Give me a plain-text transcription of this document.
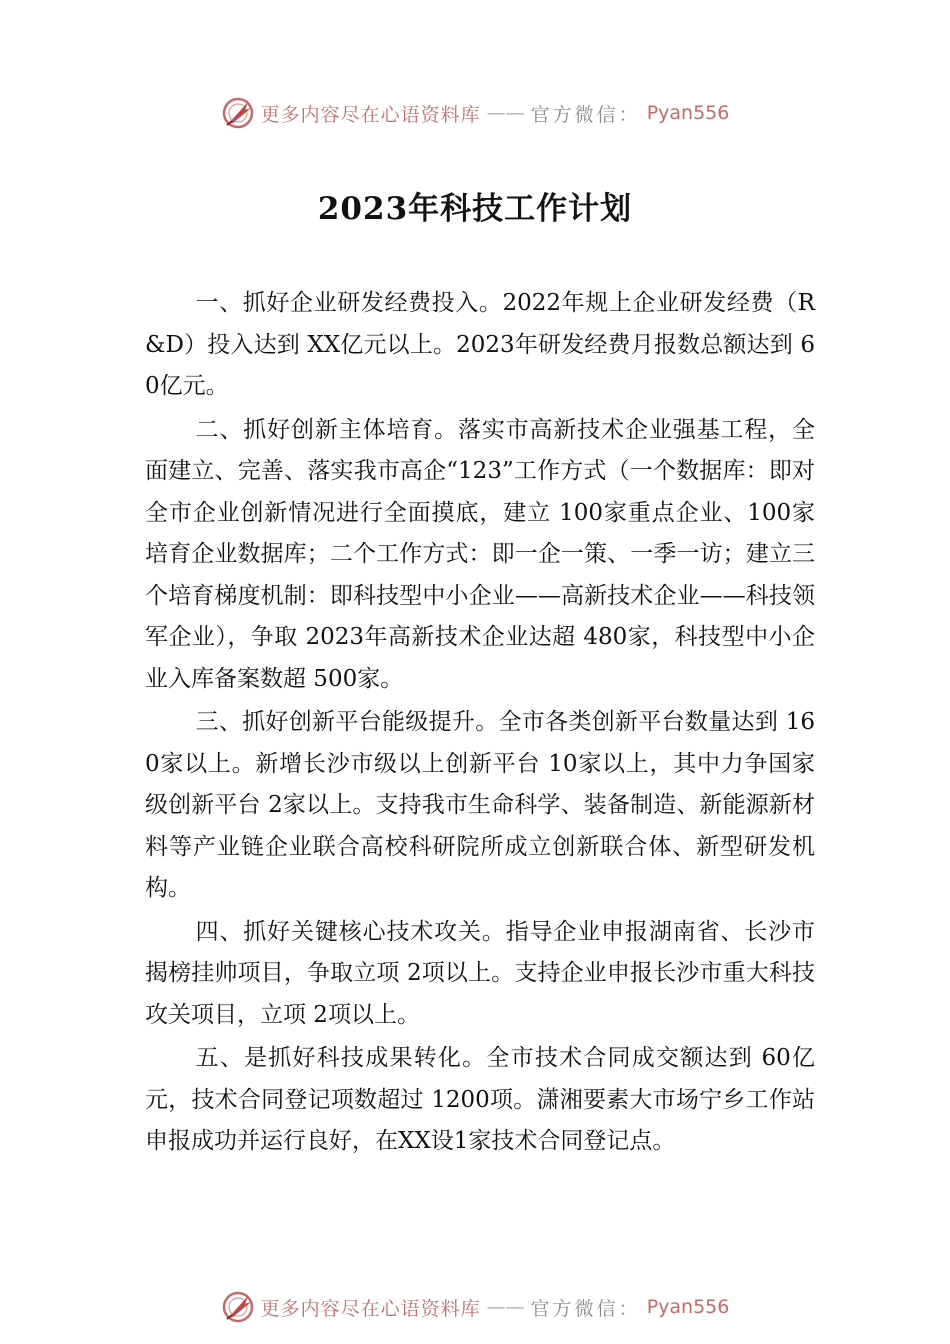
更多内容尽在心语资料库 —— 官方微信： Pyan556
2023年科技工作计划

一、抓好企业研发经费投入。2022年规上企业研发经费（R&D）投入达到 XX亿元以上。2023年研发经费月报数总额达到 60亿元。

二、抓好创新主体培育。落实市高新技术企业强基工程，全面建立、完善、落实我市高企“123”工作方式（一个数据库：即对全市企业创新情况进行全面摸底，建立 100家重点企业、100家培育企业数据库；二个工作方式：即一企一策、一季一访；建立三个培育梯度机制：即科技型中小企业——高新技术企业——科技领军企业），争取 2023年高新技术企业达超 480家，科技型中小企业入库备案数超 500家。

三、抓好创新平台能级提升。全市各类创新平台数量达到 160家以上。新增长沙市级以上创新平台 10家以上，其中力争国家级创新平台 2家以上。支持我市生命科学、装备制造、新能源新材料等产业链企业联合高校科研院所成立创新联合体、新型研发机构。

四、抓好关键核心技术攻关。指导企业申报湖南省、长沙市揭榜挂帅项目，争取立项 2项以上。支持企业申报长沙市重大科技攻关项目，立项 2项以上。

五、是抓好科技成果转化。全市技术合同成交额达到 60亿元，技术合同登记项数超过 1200项。潇湘要素大市场宁乡工作站申报成功并运行良好，在XX设1家技术合同登记点。

更多内容尽在心语资料库 —— 官方微信： Pyan556
